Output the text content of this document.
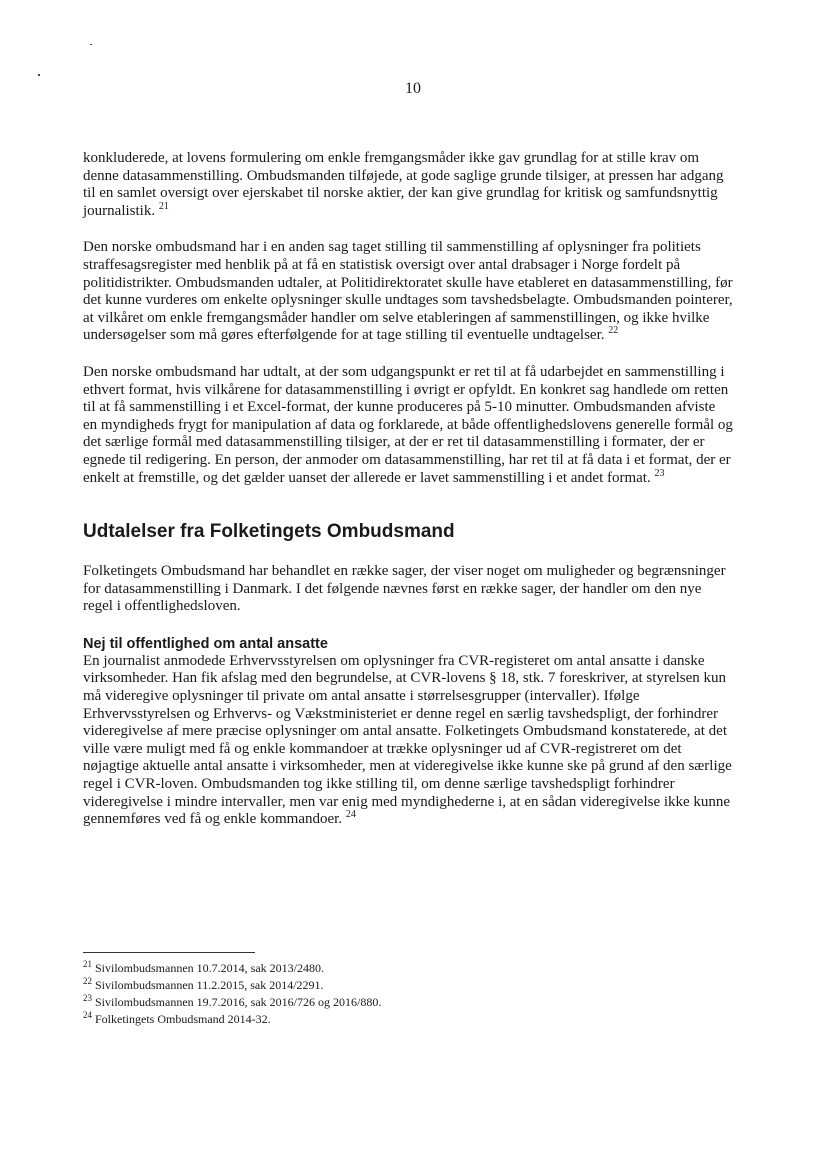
10

konkluderede, at lovens formulering om enkle fremgangsmåder ikke gav grundlag for at stille krav om denne datasammenstilling. Ombudsmanden tilføjede, at gode saglige grunde tilsiger, at pressen har adgang til en samlet oversigt over ejerskabet til norske aktier, der kan give grundlag for kritisk og samfundsnyttig journalistik. $^{21}$

Den norske ombudsmand har i en anden sag taget stilling til sammenstilling af oplysninger fra politiets straffesagsregister med henblik på at få en statistisk oversigt over antal drabsager i Norge fordelt på politidistrikter. Ombudsmanden udtaler, at Politidirektoratet skulle have etableret en datasammenstilling, før det kunne vurderes om enkelte oplysninger skulle undtages som tavshedsbelagte. Ombudsmanden pointerer, at vilkåret om enkle fremgangsmåder handler om selve etableringen af sammenstillingen, og ikke hvilke undersøgelser som må gøres efterfølgende for at tage stilling til eventuelle undtagelser. $^{22}$

Den norske ombudsmand har udtalt, at der som udgangspunkt er ret til at få udarbejdet en sammenstilling i ethvert format, hvis vilkårene for datasammenstilling i øvrigt er opfyldt. En konkret sag handlede om retten til at få sammenstilling i et Excel-format, der kunne produceres på 5-10 minutter. Ombudsmanden afviste en myndigheds frygt for manipulation af data og forklarede, at både offentlighedslovens generelle formål og det særlige formål med datasammenstilling tilsiger, at der er ret til datasammenstilling i formater, der er egnede til redigering. En person, der anmoder om datasammenstilling, har ret til at få data i et format, der er enkelt at fremstille, og det gælder uanset der allerede er lavet sammenstilling i et andet format. $^{23}$

Udtalelser fra Folketingets Ombudsmand

Folketingets Ombudsmand har behandlet en række sager, der viser noget om muligheder og begrænsninger for datasammenstilling i Danmark. I det følgende nævnes først en række sager, der handler om den nye regel i offentlighedsloven.

Nej til offentlighed om antal ansatte

En journalist anmodede Erhvervsstyrelsen om oplysninger fra CVR-registeret om antal ansatte i danske virksomheder. Han fik afslag med den begrundelse, at CVR-lovens § 18, stk. 7 foreskriver, at styrelsen kun må videregive oplysninger til private om antal ansatte i størrelsesgrupper (intervaller). Ifølge Erhvervsstyrelsen og Erhvervs- og Vækstministeriet er denne regel en særlig tavshedspligt, der forhindrer videregivelse af mere præcise oplysninger om antal ansatte. Folketingets Ombudsmand konstaterede, at det ville være muligt med få og enkle kommandoer at trække oplysninger ud af CVR-registreret om det nøjagtige aktuelle antal ansatte i virksomheder, men at videregivelse ikke kunne ske på grund af den særlige regel i CVR-loven. Ombudsmanden tog ikke stilling til, om denne særlige tavshedspligt forhindrer videregivelse i mindre intervaller, men var enig med myndighederne i, at en sådan videregivelse ikke kunne gennemføres ved få og enkle kommandoer. $^{24}$

$^{21}$ Sivilombudsmannen 10.7.2014, sak 2013/2480.
$^{22}$ Sivilombudsmannen 11.2.2015, sak 2014/2291.
$^{23}$ Sivilombudsmannen 19.7.2016, sak 2016/726 og 2016/880.
$^{24}$ Folketingets Ombudsmand 2014-32.
